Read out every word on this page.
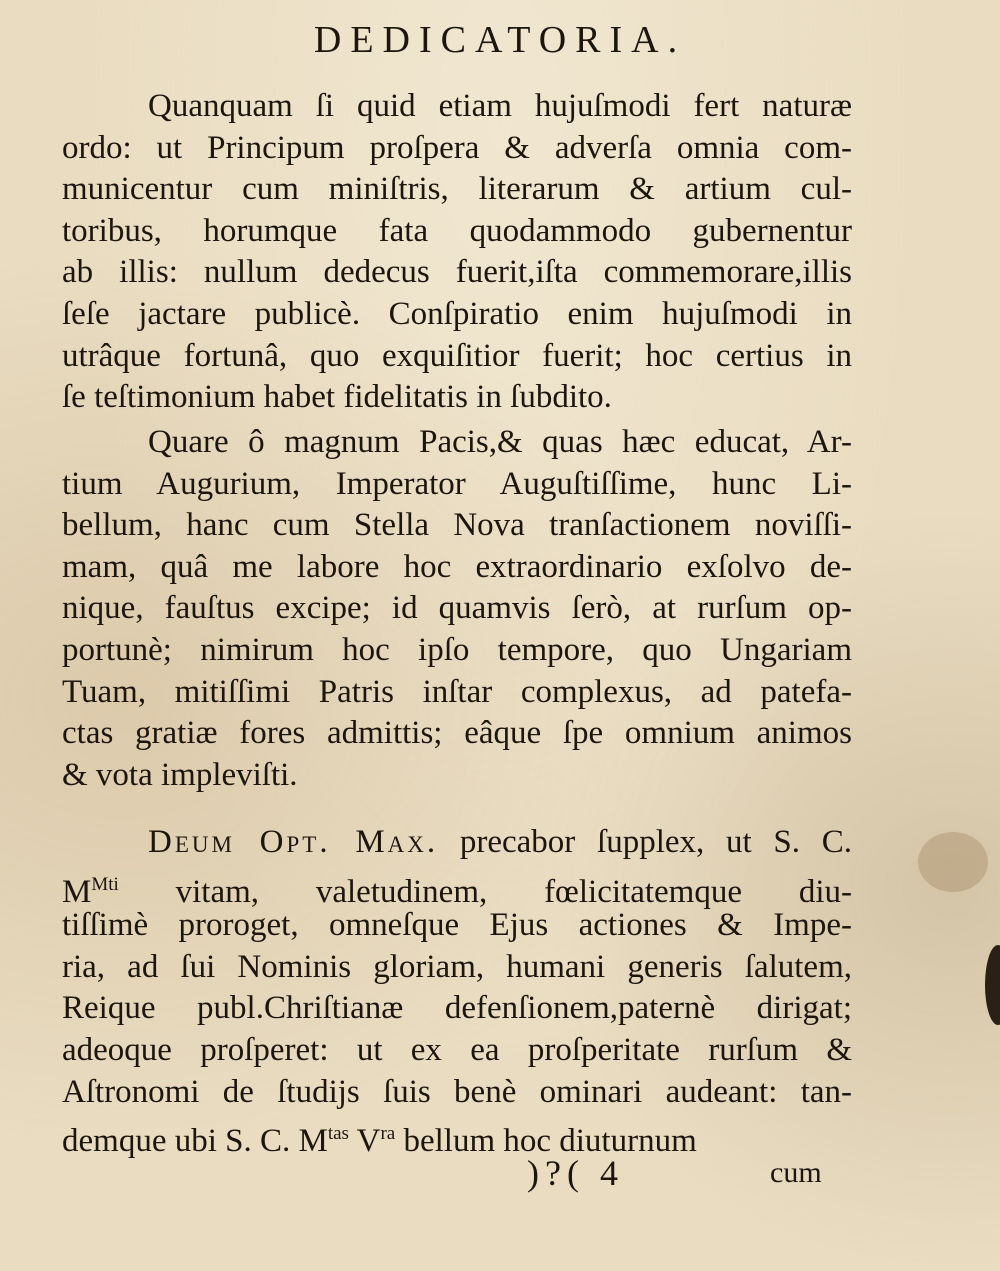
DEDICATORIA.
Quanquam ſi quid etiam hujuſmodi fert naturæ
ordo: ut Principum proſpera & adverſa omnia com-
municentur cum miniſtris, literarum & artium cul-
toribus, horumque fata quodammodo gubernentur
ab illis: nullum dedecus fuerit,iſta commemorare,illis
ſeſe jactare publicè. Conſpiratio enim hujuſmodi in
utrâque fortunâ, quo exquiſitior fuerit; hoc certius in
ſe teſtimonium habet fidelitatis in ſubdito.
Quare ô magnum Pacis,& quas hæc educat, Ar-
tium Augurium, Imperator Auguſtiſſime, hunc Li-
bellum, hanc cum Stella Nova tranſactionem noviſſi-
mam, quâ me labore hoc extraordinario exſolvo de-
nique, fauſtus excipe; id quamvis ſerò, at rurſum op-
portunè; nimirum hoc ipſo tempore, quo Ungariam
Tuam, mitiſſimi Patris inſtar complexus, ad patefa-
ctas gratiæ fores admittis; eâque ſpe omnium animos
& vota impleviſti.
Deum Opt. Max. precabor ſupplex, ut S. C.
$M^{Mti}$ vitam, valetudinem, fœlicitatemque diu-
tiſſimè proroget, omneſque Ejus actiones & Impe-
ria, ad ſui Nominis gloriam, humani generis ſalutem,
Reique publ.Chriſtianæ defenſionem,paternè dirigat;
adeoque proſperet: ut ex ea proſperitate rurſum &
Aſtronomi de ſtudijs ſuis benè ominari audeant: tan-
demque ubi S. C. $M^{tas}$ $V^{ra}$ bellum hoc diuturnum
)?( 4	cum
